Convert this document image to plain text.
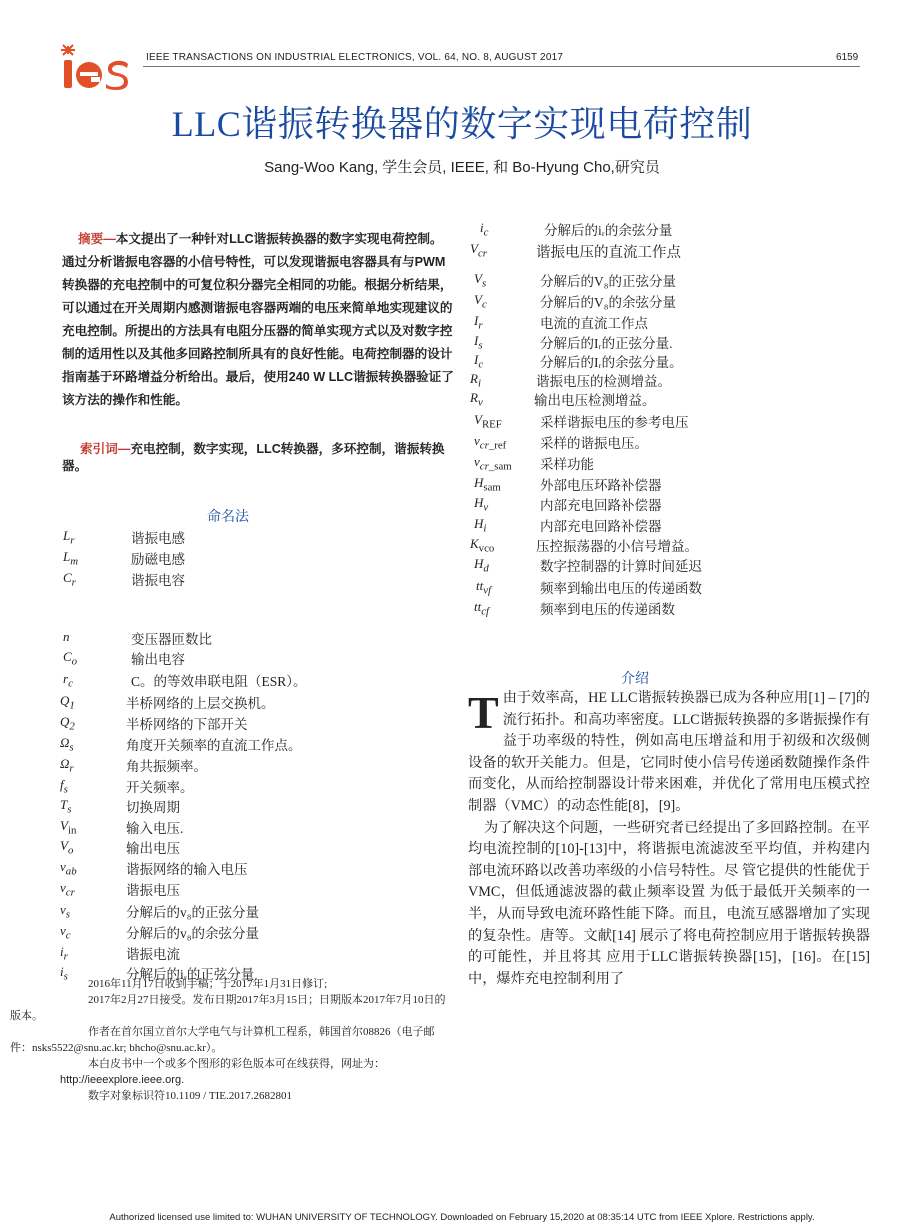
IEEE TRANSACTIONS ON INDUSTRIAL ELECTRONICS, VOL. 64, NO. 8, AUGUST 2017	6159
LLC谐振转换器的数字实现电荷控制
Sang-Woo Kang, 学生会员, IEEE, 和 Bo-Hyung Cho,研究员
摘要—本文提出了一种针对LLC谐振转换器的数字实现电荷控制。通过分析谐振电容器的小信号特性，可以发现谐振电容器具有与PWM转换器的充电控制中的可复位积分器完全相同的功能。根据分析结果，可以通过在开关周期内感测谐振电容器两端的电压来简单地实现建议的充电控制。所提出的方法具有电阻分压器的简单实现方式以及对数字控制的适用性以及其他多回路控制所具有的良好性能。电荷控制器的设计指南基于环路增益分析给出。最后，使用240 W LLC谐振转换器验证了该方法的操作和性能。
索引词—充电控制，数字实现，LLC转换器，多环控制，谐振转换器。
命名法
$L_r$	谐振电感
$L_m$	励磁电感
$C_r$	谐振电容
n	变压器匝数比
$C_o$	输出电容
$r_c$	C。的等效串联电阻（ESR）。
$Q_1$	半桥网络的上层交换机。
$Q_2$	半桥网络的下部开关
$\Omega_s$	角度开关频率的直流工作点。
$\Omega_r$	角共振频率。
$f_s$	开关频率。
$T_s$	切换周期
$V_{in}$	输入电压.
$V_o$	输出电压
$v_{ab}$	谐振网络的输入电压
$v_{cr}$	谐振电压
$v_s$	分解后的v₈的正弦分量
$v_c$	分解后的v₈的余弦分量
$i_r$	谐振电流
$i_s$	分解后的iᵣ的正弦分量
$i_c$	分解后的iᵣ的余弦分量
$V_{cr}$	谐振电压的直流工作点
$V_s$	分解后的V₈的正弦分量
$V_c$	分解后的V₈的余弦分量
$I_r$	电流的直流工作点
$I_s$	分解后的Iᵣ的正弦分量.
$I_c$	分解后的Iᵣ的余弦分量。
$R_i$	谐振电压的检测增益。
$R_v$	输出电压检测增益。
$V_{REF}$	采样谐振电压的参考电压
$v_{cr\_ref}$	采样的谐振电压。
$v_{cr\_sam}$ 采样功能
$H_{sam}$	外部电压环路补偿器
$H_v$	内部充电回路补偿器
$H_i$	内部充电回路补偿器
$K_{vco}$	压控振荡器的小信号增益。
$H_d$	数字控制器的计算时间延迟
$tt_{vf}$	频率到输出电压的传递函数
$tt_{cf}$	频率到电压的传递函数

2016年11月17日收到手稿；于2017年1月31日修订;

2017年2月27日接受。发布日期2017年3月15日；日期版本2017年7月10日的版本。

作者在首尔国立首尔大学电气与计算机工程系，韩国首尔08826（电子邮件：nsks5522@snu.ac.kr; bhcho@snu.ac.kr）。

本白皮书中一个或多个图形的彩色版本可在线获得，网址为：

http://ieeexplore.ieee.org.

数字对象标识符10.1109 / TIE.2017.2682801

介绍

T由于效率高，HE LLC谐振转换器已成为各种应用[1] – [7]的流行拓扑。和高功率密度。LLC谐振转换器的多谐振操作有益于功率级的特性，例如高电压增益和用于初级和次级侧设备的软开关能力。但是，它同时使小信号传递函数随操作条件而变化，从而给控制器设计带来困难，并优化了常用电压模式控制器（VMC）的动态性能[8]，[9]。

为了解决这个问题，一些研究者已经提出了多回路控制。在平均电流控制的[10]-[13]中，将谐振电流滤波至平均值，并构建内部电流环路以改善功率级的小信号特性。尽 管它提供的性能优于VMC，但低通滤波器的截止频率设置 为低于最低开关频率的一半，从而导致电流环路性能下降。而且，电流互感器增加了实现的复杂性。唐等。文献[14] 展示了将电荷控制应用于谐振转换器的可能性，并且将其 应用于LLC谐振转换器[15]，[16]。在[15]中，爆炸充电控制利用了

Authorized licensed use limited to: WUHAN UNIVERSITY OF TECHNOLOGY. Downloaded on February 15,2020 at 08:35:14 UTC from IEEE Xplore. Restrictions apply.
